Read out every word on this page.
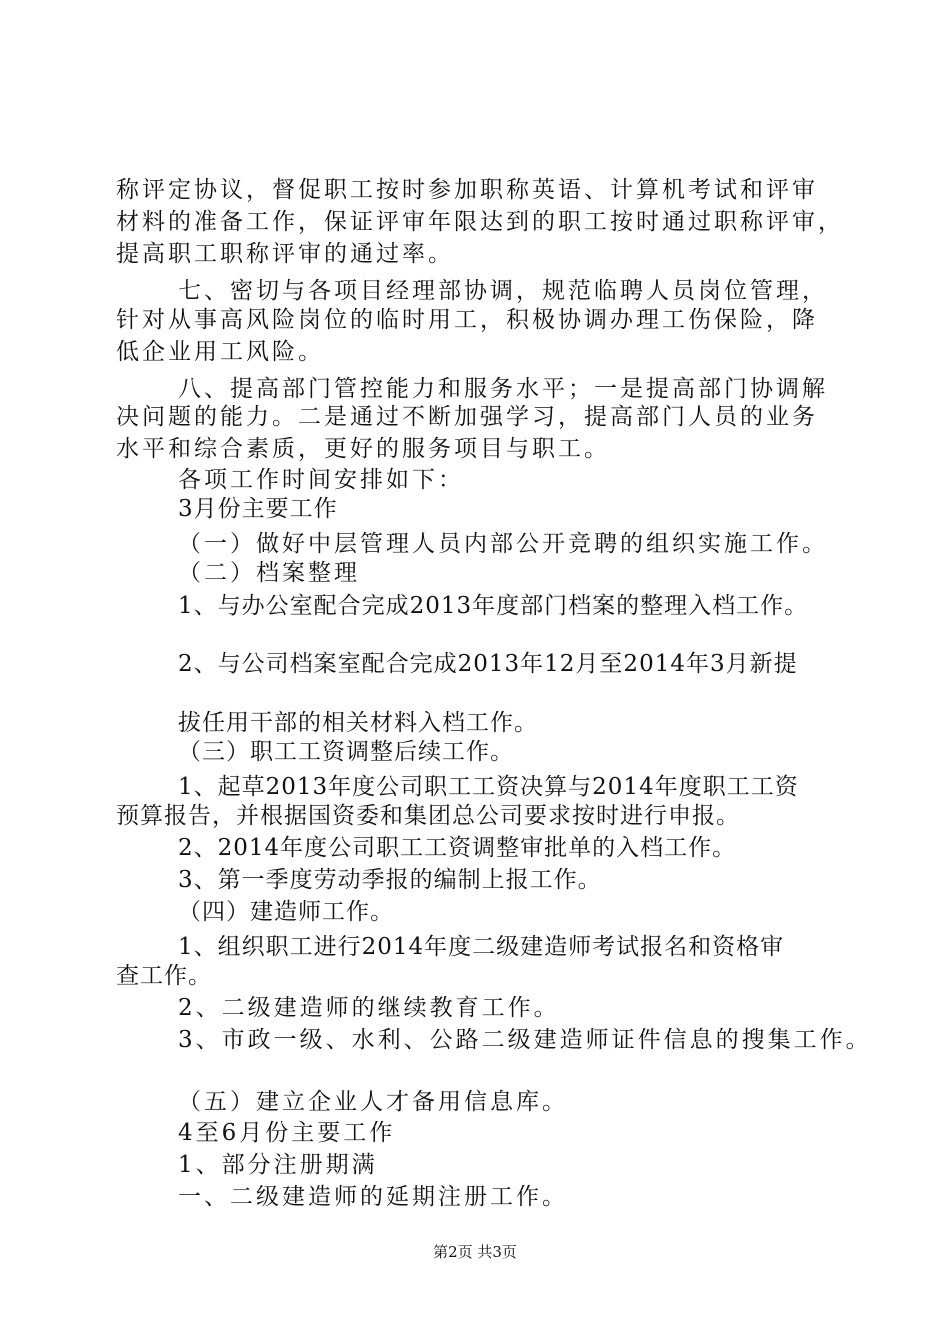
称评定协议，督促职工按时参加职称英语、计算机考试和评审
材料的准备工作，保证评审年限达到的职工按时通过职称评审，
提高职工职称评审的通过率。
七、密切与各项目经理部协调，规范临聘人员岗位管理，
针对从事高风险岗位的临时用工，积极协调办理工伤保险，降
低企业用工风险。
八、提高部门管控能力和服务水平；一是提高部门协调解
决问题的能力。二是通过不断加强学习，提高部门人员的业务
水平和综合素质，更好的服务项目与职工。
各项工作时间安排如下：
3月份主要工作
（一）做好中层管理人员内部公开竞聘的组织实施工作。
（二）档案整理
1、与办公室配合完成2013年度部门档案的整理入档工作。
2、与公司档案室配合完成2013年12月至2014年3月新提
拔任用干部的相关材料入档工作。
（三）职工工资调整后续工作。
1、起草2013年度公司职工工资决算与2014年度职工工资
预算报告，并根据国资委和集团总公司要求按时进行申报。
2、2014年度公司职工工资调整审批单的入档工作。
3、第一季度劳动季报的编制上报工作。
（四）建造师工作。
1、组织职工进行2014年度二级建造师考试报名和资格审
查工作。
2、二级建造师的继续教育工作。
3、市政一级、水利、公路二级建造师证件信息的搜集工作。
（五）建立企业人才备用信息库。
4至6月份主要工作
1、部分注册期满
一、二级建造师的延期注册工作。
第2页 共3页
